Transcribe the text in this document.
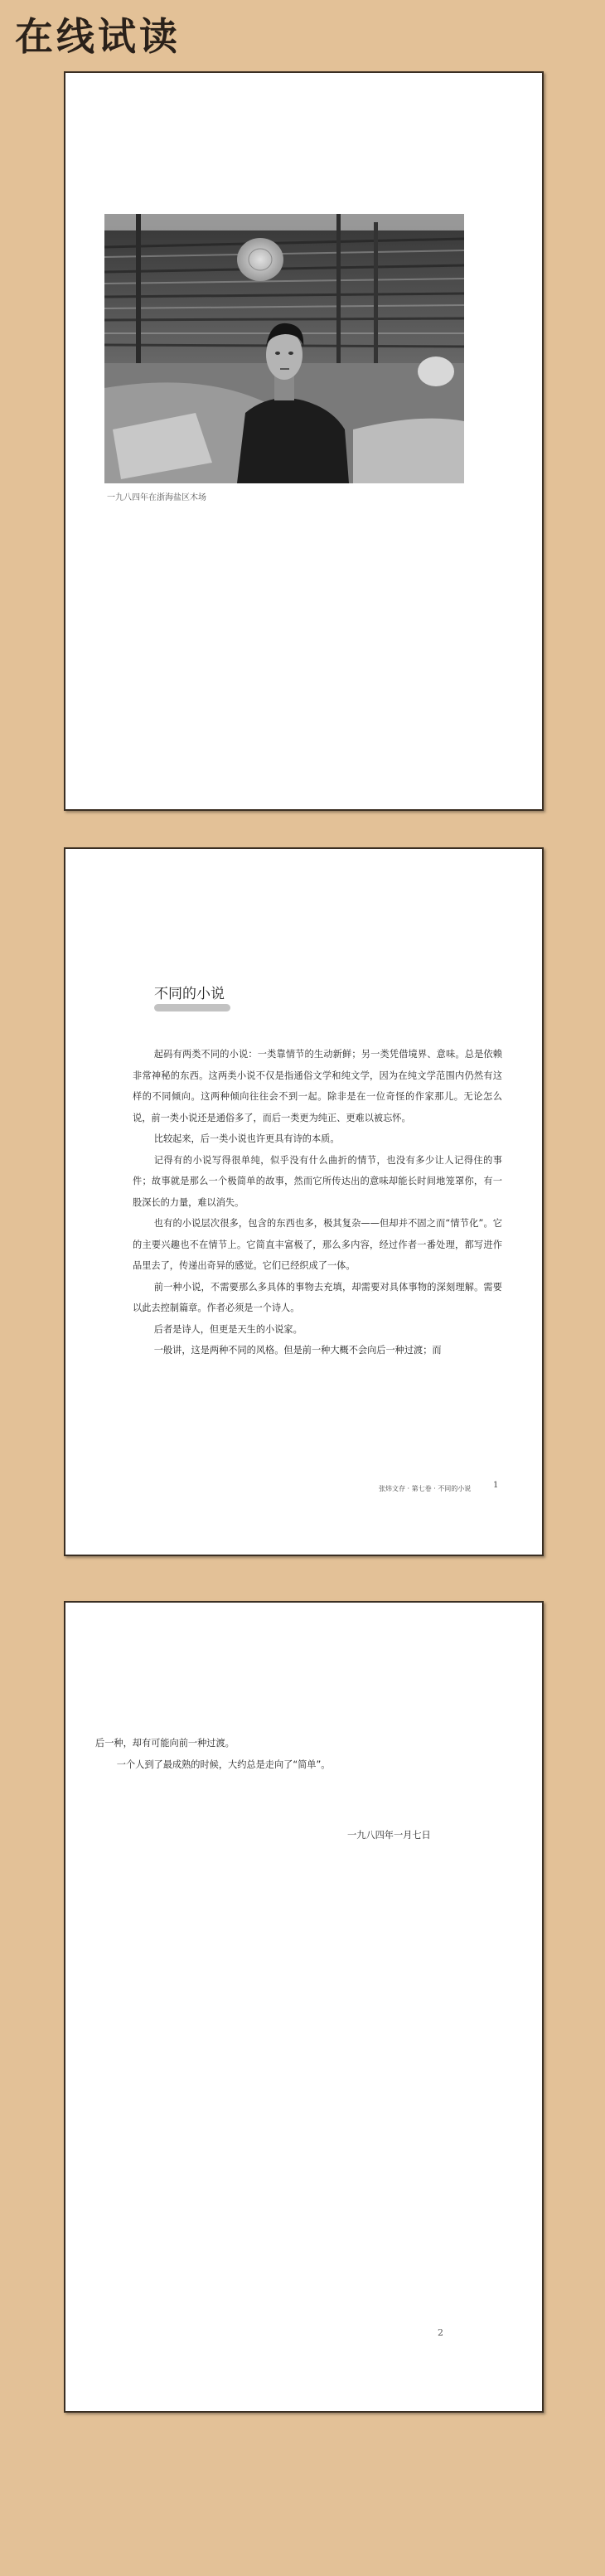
在线试读
一九八四年在浙海盐区木场
不同的小说

起码有两类不同的小说：一类靠情节的生动新鲜；另一类凭借境界、意味。总是依赖非常神秘的东西。这两类小说不仅是指通俗文学和纯文学，因为在纯文学范围内仍然有这样的不同倾向。这两种倾向往往会不到一起。除非是在一位奇怪的作家那儿。无论怎么说，前一类小说还是通俗多了，而后一类更为纯正、更难以被忘怀。

比较起来，后一类小说也许更具有诗的本质。

记得有的小说写得很单纯，似乎没有什么曲折的情节，也没有多少让人记得住的事件；故事就是那么一个极简单的故事，然而它所传达出的意味却能长时间地笼罩你，有一股深长的力量，难以消失。

也有的小说层次很多，包含的东西也多，极其复杂——但却并不固之而“情节化”。它的主要兴趣也不在情节上。它简直丰富极了，那么多内容，经过作者一番处理，都写进作品里去了，传递出奇异的感觉。它们已经织成了一体。

前一种小说，不需要那么多具体的事物去充填，却需要对具体事物的深刻理解。需要以此去控制篇章。作者必须是一个诗人。

后者是诗人，但更是天生的小说家。

一般讲，这是两种不同的风格。但是前一种大概不会向后一种过渡；而

张炜文存 · 第七卷 · 不同的小说	1

后一种，却有可能向前一种过渡。

一个人到了最成熟的时候，大约总是走向了“简单”。

一九八四年一月七日
2
